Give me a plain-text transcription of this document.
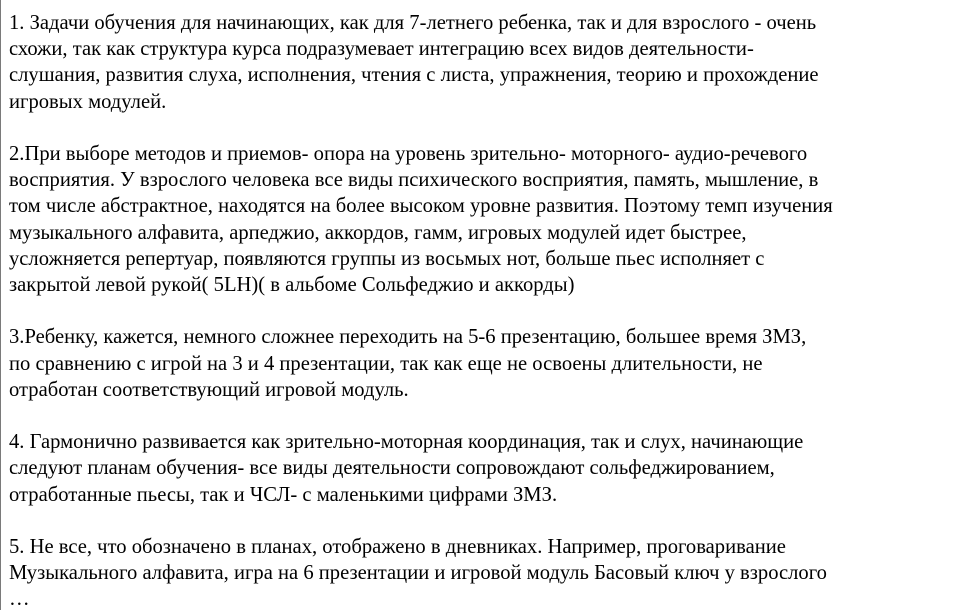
1. Задачи обучения для начинающих, как для 7-летнего ребенка, так и для взрослого - очень
схожи, так как структура курса подразумевает интеграцию всех видов деятельности-
слушания, развития слуха, исполнения, чтения с листа, упражнения, теорию и прохождение
игровых модулей.

2.При выборе методов и приемов- опора на уровень зрительно- моторного- аудио-речевого
восприятия. У взрослого человека все виды психического восприятия, память, мышление, в
том числе абстрактное, находятся на более высоком уровне развития. Поэтому темп изучения
музыкального алфавита, арпеджио, аккордов, гамм, игровых модулей идет быстрее,
усложняется репертуар, появляются группы из восьмых нот, больше пьес исполняет с
закрытой левой рукой( 5LH)( в альбоме Сольфеджио и аккорды)

3.Ребенку, кажется, немного сложнее переходить на 5-6 презентацию, большее время ЗМЗ,
по сравнению с игрой на 3 и 4 презентации, так как еще не освоены длительности, не
отработан соответствующий игровой модуль.

4. Гармонично развивается как зрительно-моторная координация, так и слух, начинающие
следуют планам обучения- все виды деятельности сопровождают сольфеджированием,
отработанные пьесы, так и ЧСЛ- с маленькими цифрами ЗМЗ.

5. Не все, что обозначено в планах, отображено в дневниках. Например, проговаривание
Музыкального алфавита, игра на 6 презентации и игровой модуль Басовый ключ у взрослого
…
